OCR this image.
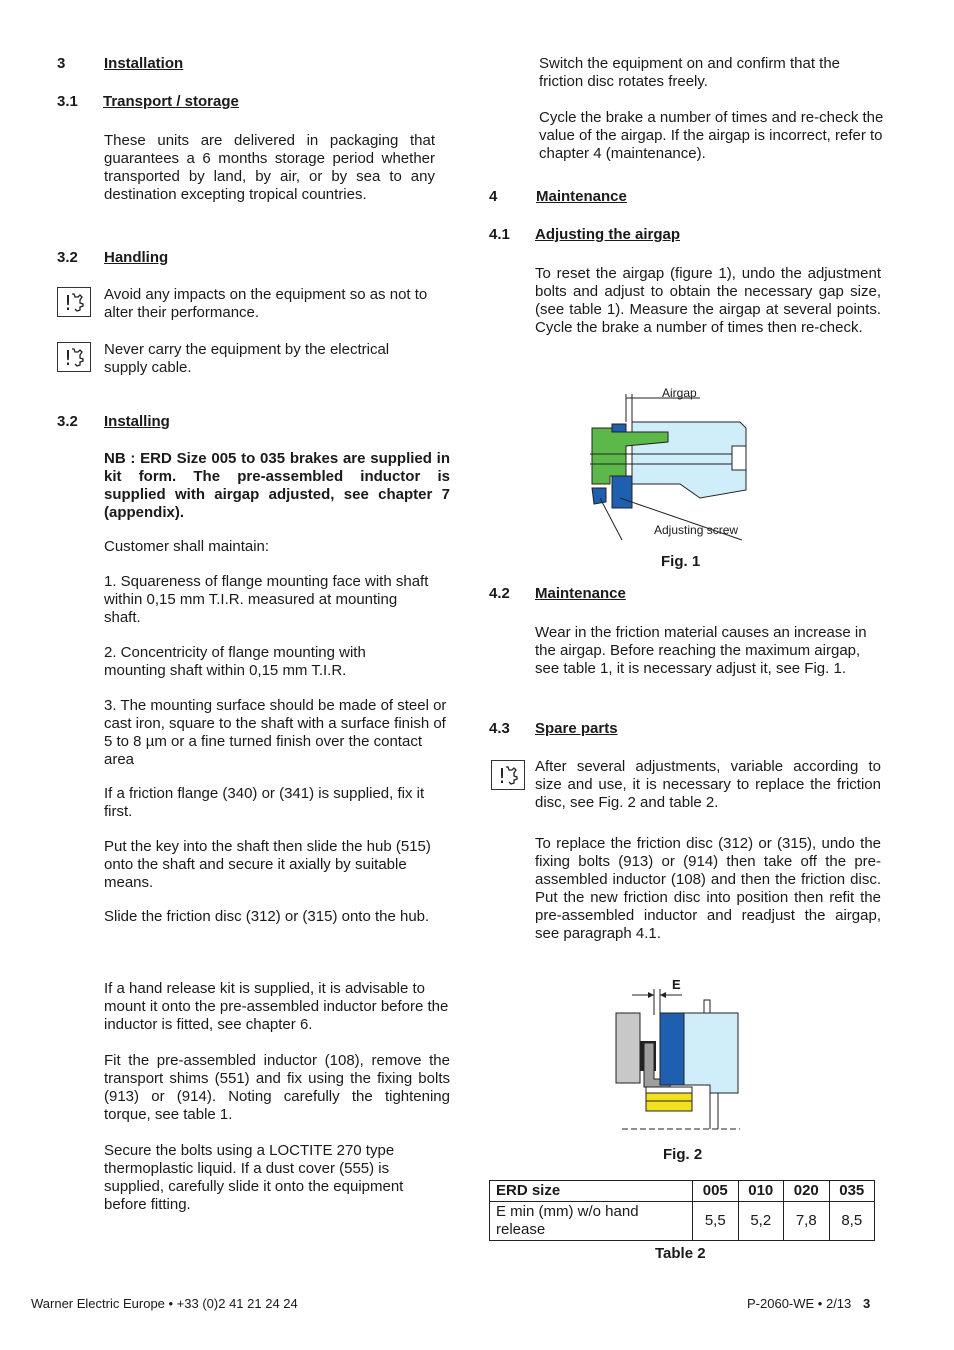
3	Installation
3.1 Transport / storage

These units are delivered in packaging that guarantees a 6 months storage period whether transported by land, by air, or by sea to any destination excepting tropical countries.

3.2 Handling
! Avoid any impacts on the equipment so as not to alter their performance.

! Never carry the equipment by the electrical supply cable.

3.2 Installing

NB : ERD Size 005 to 035 brakes are supplied in kit form. The pre-assembled inductor is supplied with airgap adjusted, see chapter 7 (appendix).

Customer shall maintain:

1. Squareness of flange mounting face with shaft within 0,15 mm T.I.R. measured at mounting shaft.

2. Concentricity of flange mounting with mounting shaft within 0,15 mm T.I.R.

3. The mounting surface should be made of steel or cast iron, square to the shaft with a surface finish of 5 to 8 µm or a fine turned finish over the contact area

If a friction flange (340) or (341) is supplied, fix it first.

Put the key into the shaft then slide the hub (515) onto the shaft and secure it axially by suitable means.

Slide the friction disc (312) or (315) onto the hub.

If a hand release kit is supplied, it is advisable to mount it onto the pre-assembled inductor before the inductor is fitted, see chapter 6.

Fit the pre-assembled inductor (108), remove the transport shims (551) and fix using the fixing bolts (913) or (914). Noting carefully the tightening torque, see table 1.

Secure the bolts using a LOCTITE 270 type thermoplastic liquid. If a dust cover (555) is supplied, carefully slide it onto the equipment before fitting.

Switch the equipment on and confirm that the friction disc rotates freely.

Cycle the brake a number of times and re-check the value of the airgap. If the airgap is incorrect, refer to chapter 4 (maintenance).

4	Maintenance
4.1 Adjusting the airgap

To reset the airgap (figure 1), undo the adjustment bolts and adjust to obtain the necessary gap size, (see table 1). Measure the airgap at several points. Cycle the brake a number of times then re-check.

Airgap
Adjusting screw
Fig. 1
4.2 Maintenance

Wear in the friction material causes an increase in the airgap. Before reaching the maximum airgap, see table 1, it is necessary adjust it, see Fig. 1.

4.3 Spare parts
! After several adjustments, variable according to size and use, it is necessary to replace the friction disc, see Fig. 2 and table 2.

To replace the friction disc (312) or (315), undo the fixing bolts (913) or (914) then take off the pre-assembled inductor (108) and then the friction disc. Put the new friction disc into position then refit the pre-assembled inductor and readjust the airgap, see paragraph 4.1.

E
Fig. 2
ERD size	005	010	020	035
E min (mm) w/o hand release	5,5	5,2	7,8	8,5
Table 2
Warner Electric Europe • +33 (0)2 41 21 24 24	P-2060-WE • 2/13 3
